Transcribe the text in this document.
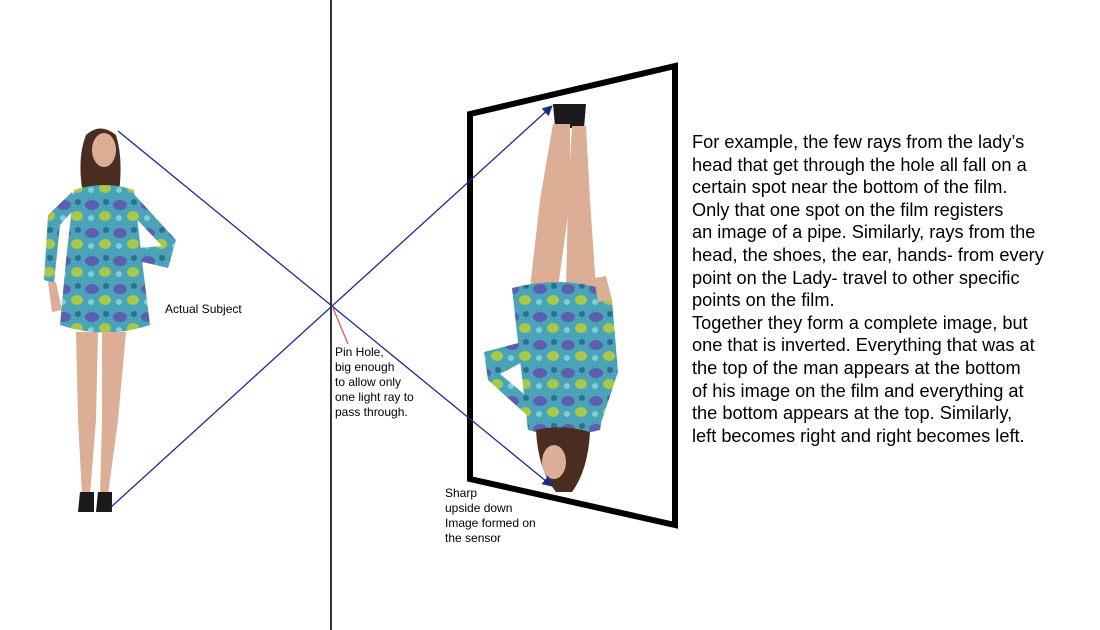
Actual Subject
Pin Hole,
big enough
to allow only
one light ray to
pass through.
Sharp
upside down
Image formed on
the sensor
For example, the few rays from the lady’s
head that get through the hole all fall on a
certain spot near the bottom of the film.
Only that one spot on the film registers
an image of a pipe. Similarly, rays from the
head, the shoes, the ear, hands- from every
point on the Lady- travel to other specific
points on the film.
Together they form a complete image, but
one that is inverted. Everything that was at
the top of the man appears at the bottom
of his image on the film and everything at
the bottom appears at the top. Similarly,
left becomes right and right becomes left.
